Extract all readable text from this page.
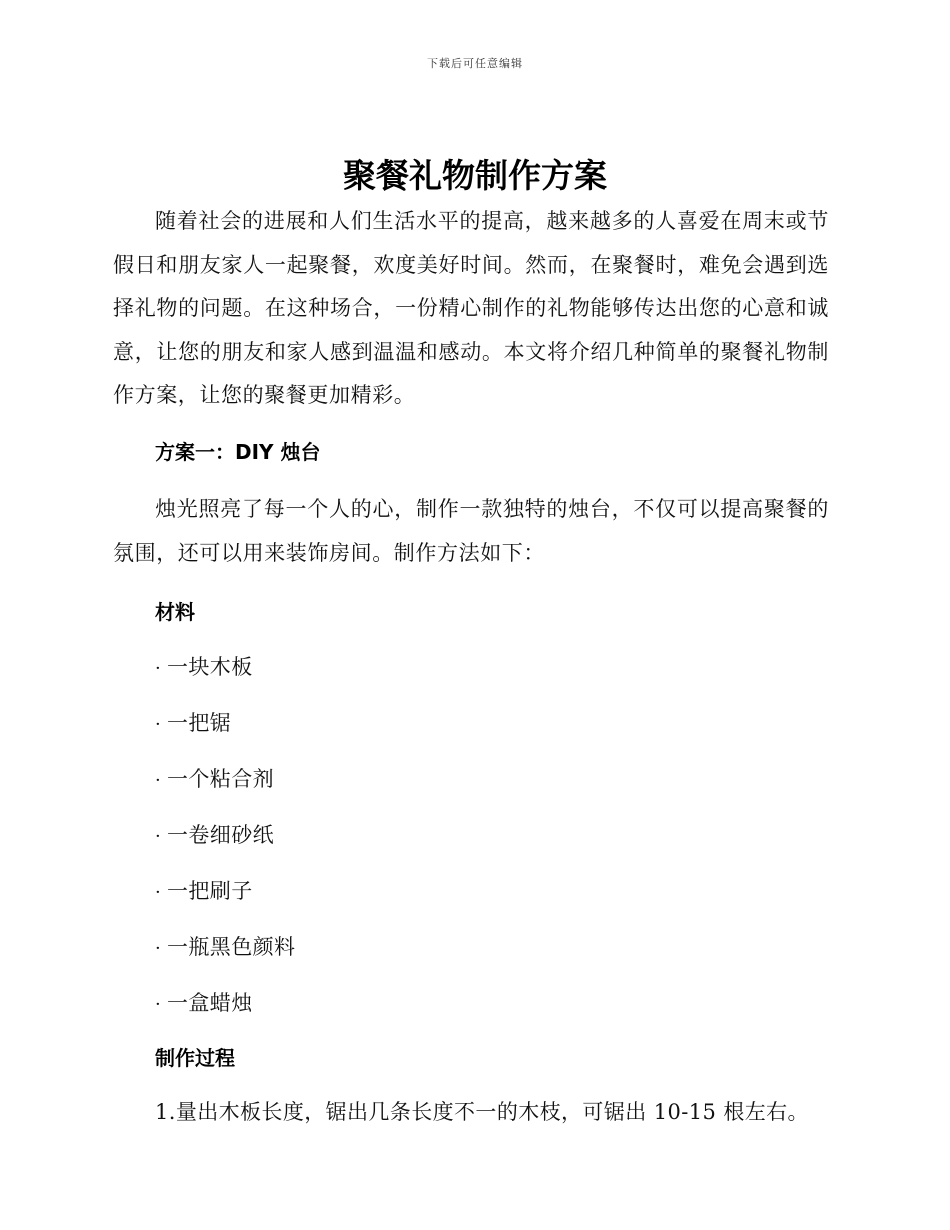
下载后可任意编辑
聚餐礼物制作方案

随着社会的进展和人们生活水平的提高，越来越多的人喜爱在周末或节假日和朋友家人一起聚餐，欢度美好时间。然而，在聚餐时，难免会遇到选择礼物的问题。在这种场合，一份精心制作的礼物能够传达出您的心意和诚意，让您的朋友和家人感到温温和感动。本文将介绍几种简单的聚餐礼物制作方案，让您的聚餐更加精彩。

方案一：DIY 烛台

烛光照亮了每一个人的心，制作一款独特的烛台，不仅可以提高聚餐的氛围，还可以用来装饰房间。制作方法如下：

材料
· 一块木板
· 一把锯
· 一个粘合剂
· 一卷细砂纸
· 一把刷子
· 一瓶黑色颜料
· 一盒蜡烛
制作过程

1.量出木板长度，锯出几条长度不一的木枝，可锯出 10-15 根左右。
